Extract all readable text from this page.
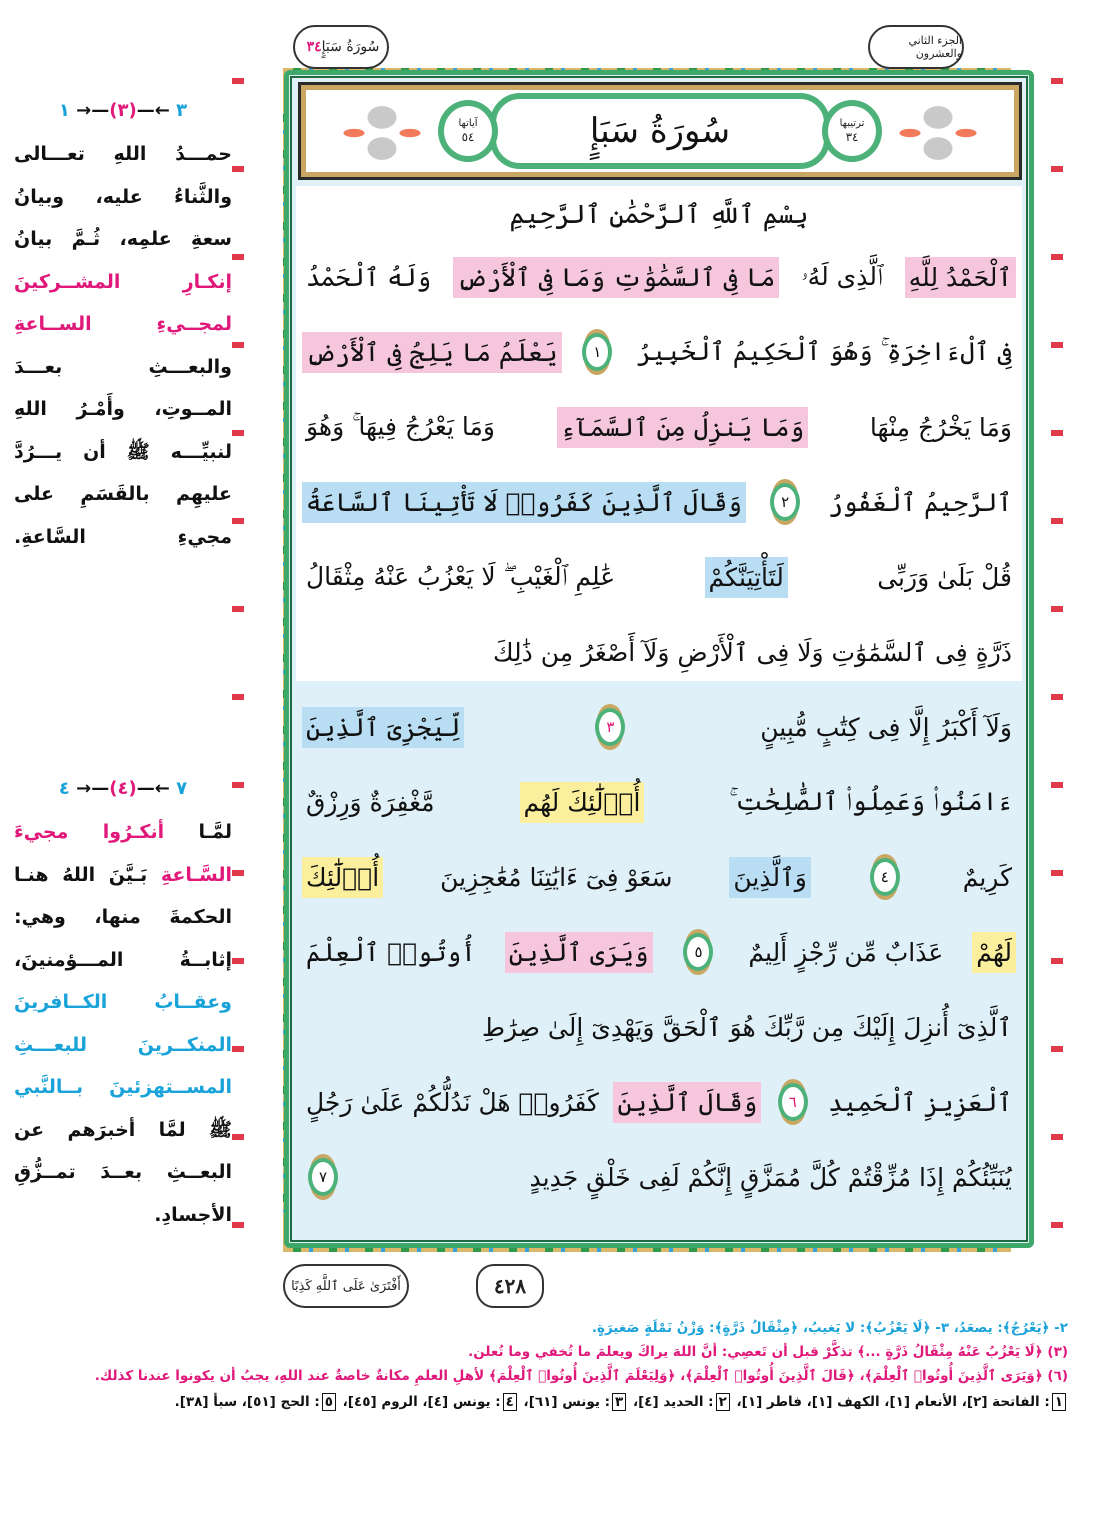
سُورَةُ سَبَإٍ
٣٤	الجزء الثاني والعشرون
ترتيبها
٣٤
سُورَةُ سَبَإٍ
آياتها
٥٤
بِسْمِ ٱللَّهِ ٱلرَّحْمَٰنِ ٱلرَّحِيمِ
ٱلْحَمْدُ لِلَّهِ
ٱلَّذِى لَهُۥ
مَا فِى ٱلسَّمَٰوَٰتِ وَمَا فِى ٱلْأَرْضِ
وَلَهُ ٱلْحَمْدُ
فِى ٱلْءَاخِرَةِ ۚ وَهُوَ ٱلْحَكِيمُ ٱلْخَبِيرُ
١
يَعْلَمُ مَا يَلِجُ فِى ٱلْأَرْضِ
وَمَا يَخْرُجُ مِنْهَا
وَمَا يَنزِلُ مِنَ ٱلسَّمَآءِ
وَمَا يَعْرُجُ فِيهَا ۚ وَهُوَ
ٱلرَّحِيمُ ٱلْغَفُورُ
٢
وَقَالَ ٱلَّذِينَ كَفَرُوا۟ لَا تَأْتِينَا ٱلسَّاعَةُ
قُلْ بَلَىٰ وَرَبِّى
لَتَأْتِيَنَّكُمْ
عَٰلِمِ ٱلْغَيْبِ ۖ لَا يَعْزُبُ عَنْهُ مِثْقَالُ
ذَرَّةٍ فِى ٱلسَّمَٰوَٰتِ وَلَا فِى ٱلْأَرْضِ وَلَآ أَصْغَرُ مِن ذَٰلِكَ
وَلَآ أَكْبَرُ إِلَّا فِى كِتَٰبٍ مُّبِينٍ
٣
لِّيَجْزِىَ ٱلَّذِينَ
ءَامَنُوا۟ وَعَمِلُوا۟ ٱلصَّٰلِحَٰتِ ۚ
أُو۟لَٰٓئِكَ لَهُم
مَّغْفِرَةٌ وَرِزْقٌ
كَرِيمٌ
٤
وَٱلَّذِينَ
سَعَوْ فِىٓ ءَايَٰتِنَا مُعَٰجِزِينَ
أُو۟لَٰٓئِكَ
لَهُمْ
عَذَابٌ مِّن رِّجْزٍ أَلِيمٌ
٥
وَيَرَى ٱلَّذِينَ
أُوتُوا۟ ٱلْعِلْمَ
ٱلَّذِىٓ أُنزِلَ إِلَيْكَ مِن رَّبِّكَ هُوَ ٱلْحَقَّ وَيَهْدِىٓ إِلَىٰ صِرَٰطِ
ٱلْعَزِيزِ ٱلْحَمِيدِ
٦
وَقَالَ ٱلَّذِينَ
كَفَرُوا۟ هَلْ نَدُلُّكُمْ عَلَىٰ رَجُلٍ
يُنَبِّئُكُمْ إِذَا مُزِّقْتُمْ كُلَّ مُمَزَّقٍ إِنَّكُمْ لَفِى خَلْقٍ جَدِيدٍ
٧
أَفْتَرَىٰ عَلَى ٱللَّهِ كَذِبًا	٤٢٨
٣ ←—(٣)—→ ١

حمـــدُ اللهِ تعـــالى

والثَّناءُ عليه، وبيانُ

سعةِ علمِه، ثُـمَّ بيانُ

إنكـارِ المشــركينَ

لمجــيءِ الســاعةِ

والبعـــثِ بعـــدَ

المــوتِ، وأَمْـرُ اللهِ

لنبيِّـــه ﷺ أن يـــرُدَّ

عليهِم بالقَسَمِ على

مجيءِ السَّاعةِ.

٧ ←—(٤)—→ ٤

لمَّـا أنكـرُوا مجيءَ

السَّـاعةِ بَـيَّنَ اللهُ هنـا

الحكمةَ منها، وهي:

إثابــةُ المـــؤمنينَ،

وعقــابُ الكــافرينَ

المنكــرينَ للبعـــثِ

المســتهزئينَ بــالنَّبي

ﷺ لمَّا أخبرَهم عن

البعــثِ بعــدَ تمــزُّقِ

الأجسادِ.

٢- ﴿يَعْرُجُ﴾: يصعَدُ، ٣- ﴿لَا يَعْزُبُ﴾: لا يَغيبُ، ﴿مِثْقَالُ ذَرَّةٍ﴾: وَزْنُ نَمْلَةٍ صَغيرَةٍ.
(٣) ﴿لَا يَعْزُبُ عَنْهُ مِثْقَالُ ذَرَّةٍ ...﴾ تذكَّرْ قبل أن تَعصِي: أنَّ اللهَ يراكَ ويعلمَ ما تُخفي وما تُعلن.
(٦) ﴿وَيَرَى ٱلَّذِينَ أُوتُوا۟ ٱلْعِلْمَ﴾، ﴿قَالَ ٱلَّذِينَ أُوتُوا۟ ٱلْعِلْمَ﴾، ﴿وَلِيَعْلَمَ ٱلَّذِينَ أُوتُوا۟ ٱلْعِلْمَ﴾ لأهلِ العلمِ مكانةٌ خاصةٌ عند اللهِ، يجبُ أن يكونوا عندنا كذلك.
١: الفاتحة [٢]، الأنعام [١]، الكهف [١]، فاطر [١]، ٢: الحديد [٤]، ٣: يونس [٦١]، ٤: يونس [٤]، الروم [٤٥]، ٥: الحج [٥١]، سبأ [٣٨].
